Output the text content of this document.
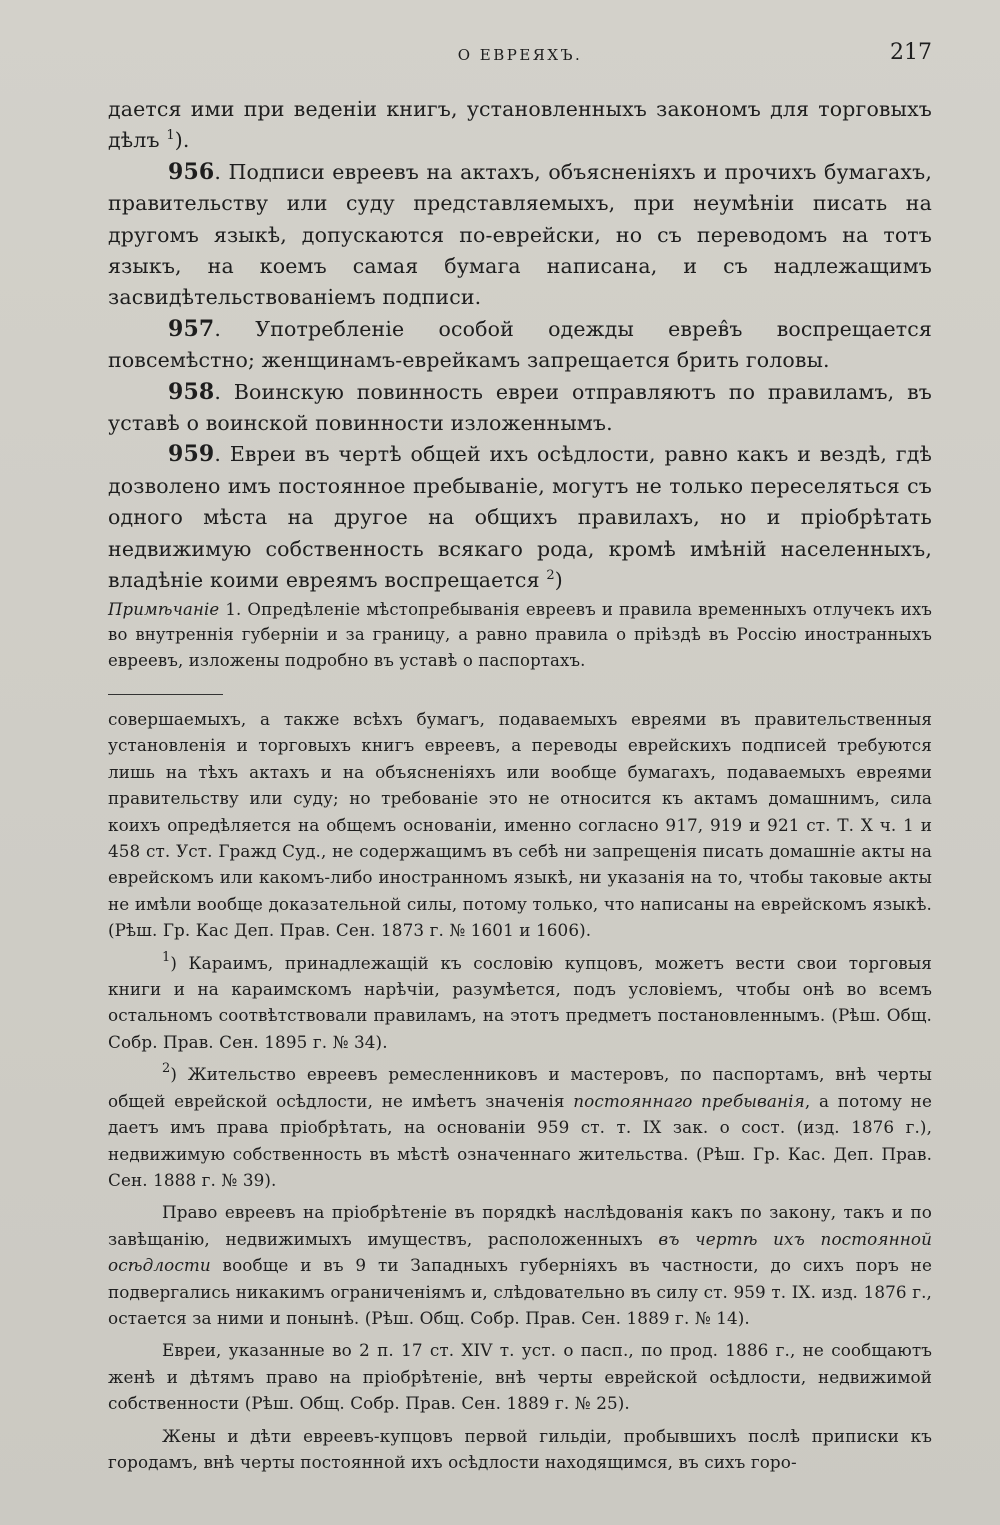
О ЕВРЕЯХЪ.	217

дается ими при веденіи книгъ, установленныхъ закономъ для торговыхъ дѣлъ $^1$).

956. Подписи евреевъ на актахъ, объясненіяхъ и прочихъ бумагахъ, правительству или суду представляемыхъ, при неумѣніи писать на другомъ языкѣ, допускаются по-еврейски, но съ переводомъ на тотъ языкъ, на коемъ самая бумага написана, и съ надлежащимъ засвидѣтельствованіемъ подписи.

957. Употребленіе особой одежды еврев̂ъ воспрещается повсемѣстно; женщинамъ-еврейкамъ запрещается брить головы.

958. Воинскую повинность евреи отправляютъ по правиламъ, въ уставѣ о воинской повинности изложеннымъ.

959. Евреи въ чертѣ общей ихъ осѣдлости, равно какъ и вездѣ, гдѣ дозволено имъ постоянное пребываніе, могутъ не только переселяться съ одного мѣста на другое на общихъ правилахъ, но и пріобрѣтать недвижимую собственность всякаго рода, кромѣ имѣній населенныхъ, владѣніе коими евреямъ воспрещается $^2$)

Примѣчаніе 1. Опредѣленіе мѣстопребыванія евреевъ и правила временныхъ отлучекъ ихъ во внутреннія губерніи и за границу, а равно правила о пріѣздѣ въ Россію иностранныхъ евреевъ, изложены подробно въ уставѣ о паспортахъ.

совершаемыхъ, а также всѣхъ бумагъ, подаваемыхъ евреями въ правительственныя установленія и торговыхъ книгъ евреевъ, а переводы еврейскихъ подписей требуются лишь на тѣхъ актахъ и на объясненіяхъ или вообще бумагахъ, подаваемыхъ евреями правительству или суду; но требованіе это не относится къ актамъ домашнимъ, сила коихъ опредѣляется на общемъ основаніи, именно согласно 917, 919 и 921 ст. Т. X ч. 1 и 458 ст. Уст. Гражд Суд., не содержащимъ въ себѣ ни запрещенія писать домашніе акты на еврейскомъ или какомъ-либо иностранномъ языкѣ, ни указанія на то, чтобы таковые акты не имѣли вообще доказательной силы, потому только, что написаны на еврейскомъ языкѣ. (Рѣш. Гр. Кас Деп. Прав. Сен. 1873 г. № 1601 и 1606).

$^1$) Караимъ, принадлежащій къ сословію купцовъ, можетъ вести свои торговыя книги и на караимскомъ нарѣчіи, разумѣется, подъ условіемъ, чтобы онѣ во всемъ остальномъ соотвѣтствовали правиламъ, на этотъ предметъ постановленнымъ. (Рѣш. Общ. Собр. Прав. Сен. 1895 г. № 34).

$^2$) Жительство евреевъ ремесленниковъ и мастеровъ, по паспортамъ, внѣ черты общей еврейской осѣдлости, не имѣетъ значенія постояннаго пребыванія, а потому не даетъ имъ права пріобрѣтать, на основаніи 959 ст. т. IX зак. о сост. (изд. 1876 г.), недвижимую собственность въ мѣстѣ означеннаго жительства. (Рѣш. Гр. Кас. Деп. Прав. Сен. 1888 г. № 39).

Право евреевъ на пріобрѣтеніе въ порядкѣ наслѣдованія какъ по закону, такъ и по завѣщанію, недвижимыхъ имуществъ, расположенныхъ въ чертѣ ихъ постоянной осѣдлости вообще и въ 9 ти Западныхъ губерніяхъ въ частности, до сихъ поръ не подвергались никакимъ ограниченіямъ и, слѣдовательно въ силу ст. 959 т. IX. изд. 1876 г., остается за ними и понынѣ. (Рѣш. Общ. Собр. Прав. Сен. 1889 г. № 14).

Евреи, указанные во 2 п. 17 ст. XIV т. уст. о пасп., по прод. 1886 г., не сообщаютъ женѣ и дѣтямъ право на пріобрѣтеніе, внѣ черты еврейской осѣдлости, недвижимой собственности (Рѣш. Общ. Собр. Прав. Сен. 1889 г. № 25).

Жены и дѣти евреевъ-купцовъ первой гильдіи, пробывшихъ послѣ приписки къ городамъ, внѣ черты постоянной ихъ осѣдлости находящимся, въ сихъ горо-
